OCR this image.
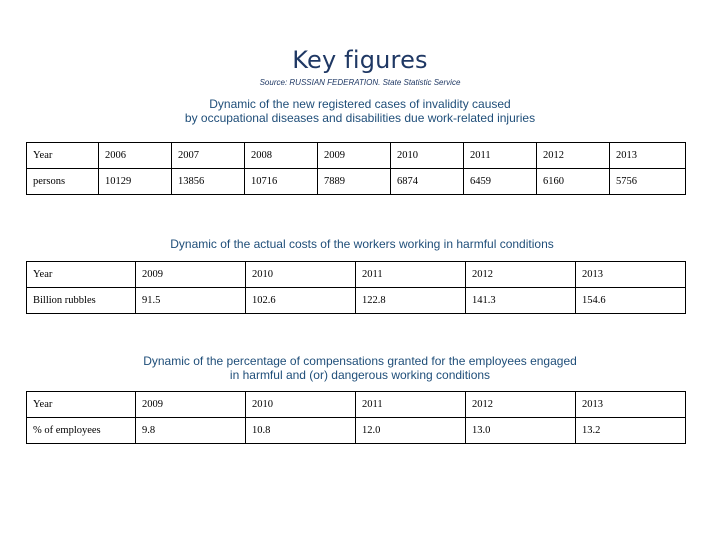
Key figures
Source: RUSSIAN FEDERATION. State Statistic Service
Dynamic of the new registered cases of invalidity caused
by occupational diseases and disabilities due work-related injuries
Year	2006	2007	2008	2009	2010	2011	2012	2013
persons	10129	13856	10716	7889	6874	6459	6160	5756
Dynamic of the actual costs of the workers working in harmful conditions
Year	2009	2010	2011	2012	2013
Billion rubbles	91.5	102.6	122.8	141.3	154.6
Dynamic of the percentage of compensations granted for the employees engaged
in harmful and (or) dangerous working conditions
Year	2009	2010	2011	2012	2013
% of employees	9.8	10.8	12.0	13.0	13.2
